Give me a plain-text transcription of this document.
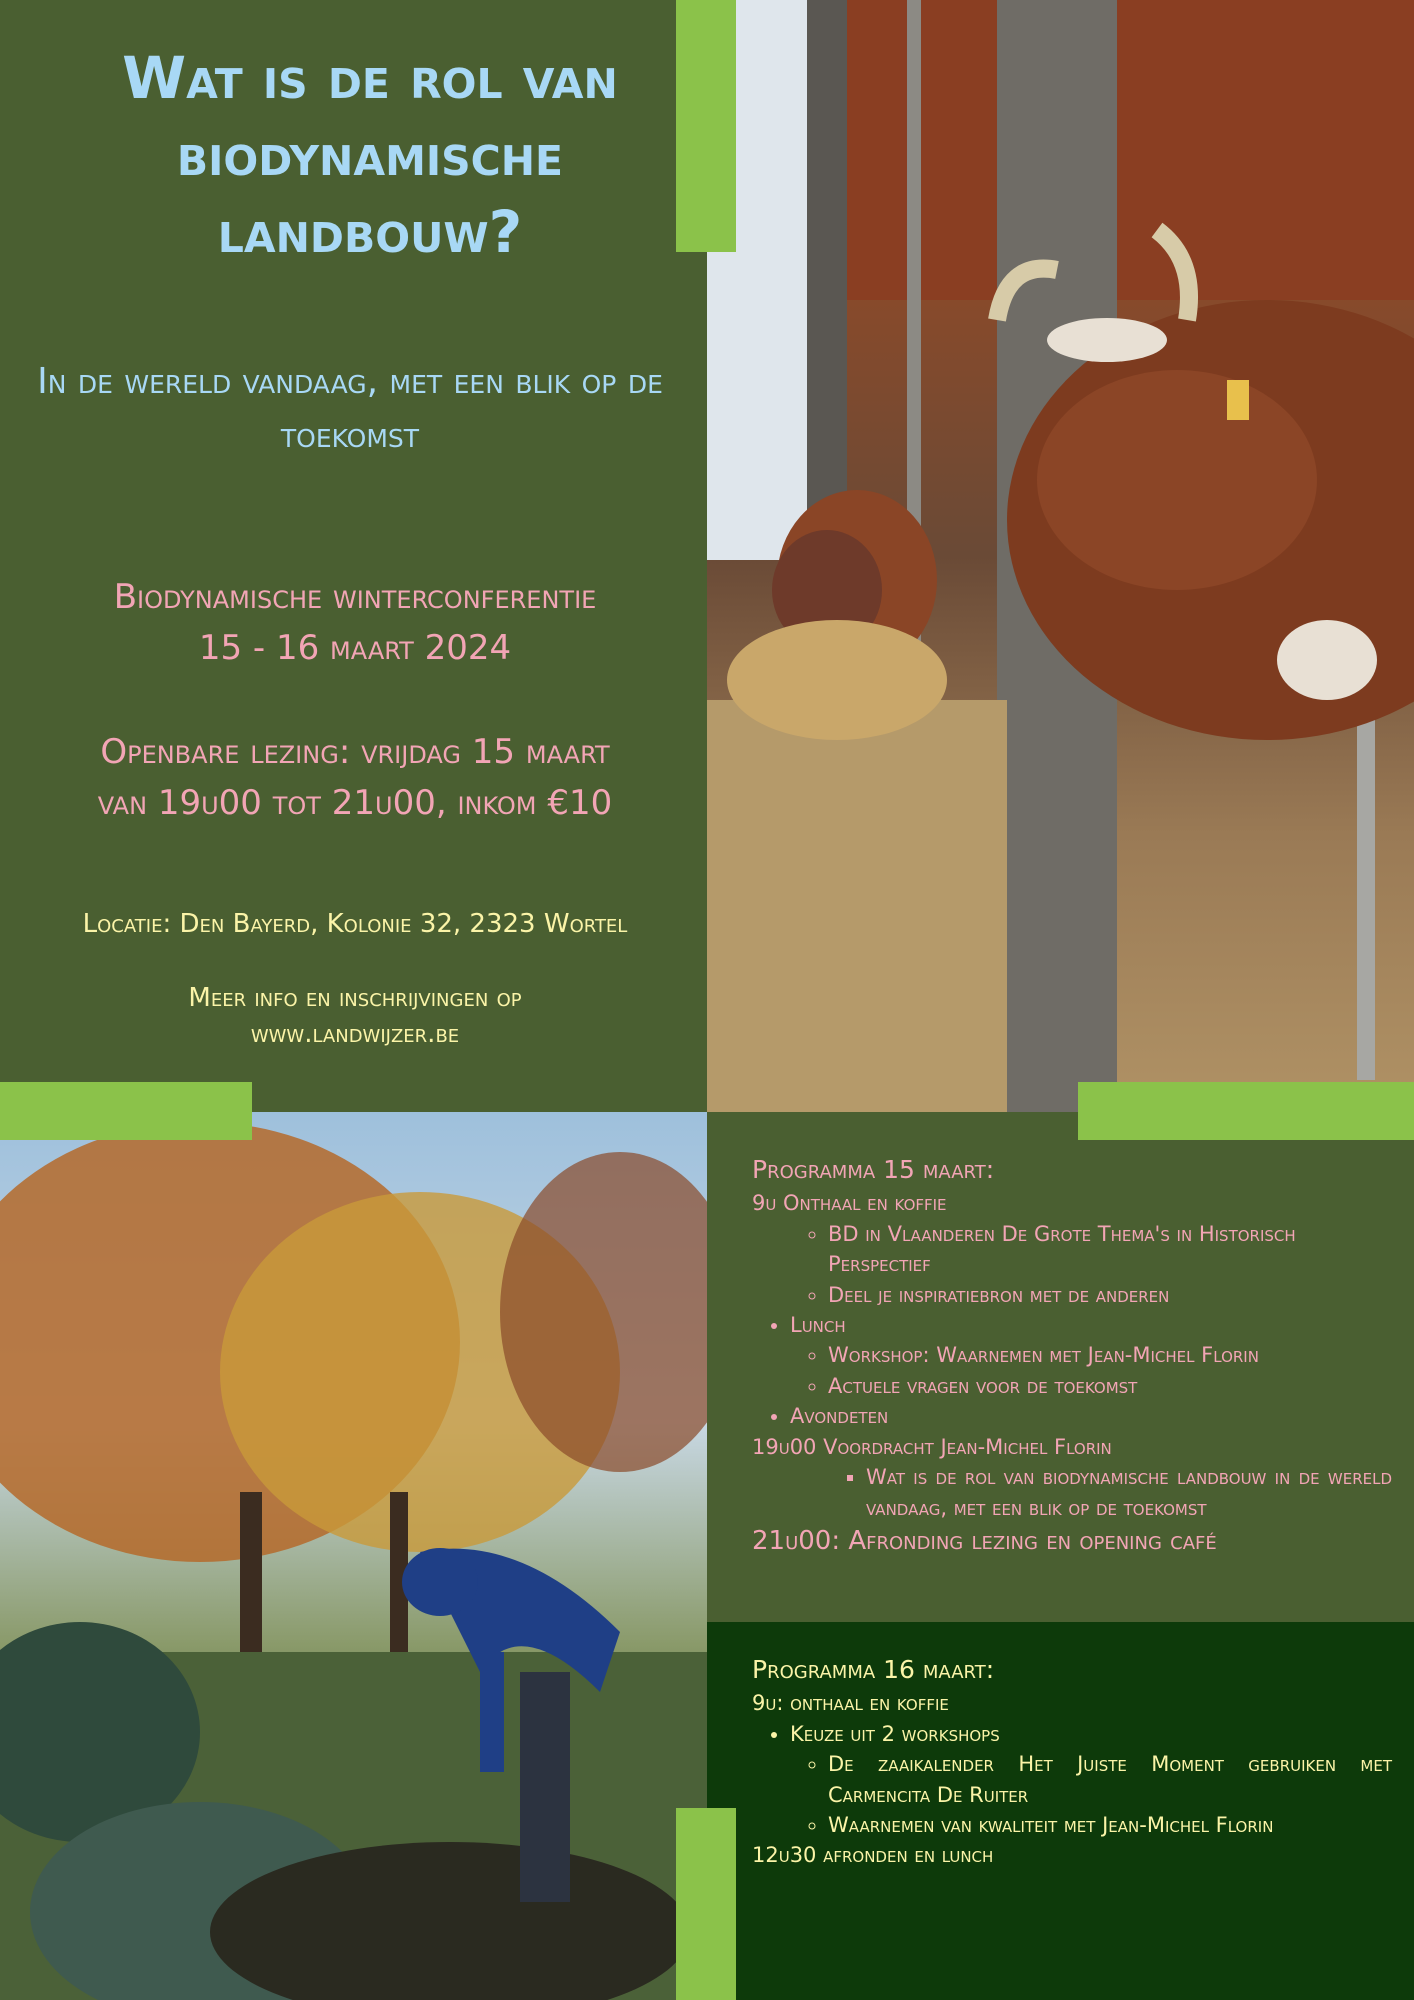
Wat is de rol van biodynamische landbouw?
In de wereld vandaag, met een blik op de toekomst
Biodynamische winterconferentie
15 - 16 maart 2024
Openbare lezing: vrijdag 15 maart
van 19u00 tot 21u00, inkom €10
Locatie: Den Bayerd, Kolonie 32, 2323 Wortel
Meer info en inschrijvingen op
www.landwijzer.be
Programma 15 maart:
9u Onthaal en koffie
◦ BD in Vlaanderen De Grote Thema's in Historisch Perspectief
◦ Deel je inspiratiebron met de anderen
• Lunch
◦ Workshop: Waarnemen met Jean-Michel Florin
◦ Actuele vragen voor de toekomst
• Avondeten
19u00 Voordracht Jean-Michel Florin
▪ Wat is de rol van biodynamische landbouw in de wereld vandaag, met een blik op de toekomst
21u00: Afronding lezing en opening café
Programma 16 maart:
9u: onthaal en koffie
• Keuze uit 2 workshops
◦ De zaaikalender Het Juiste Moment gebruiken met Carmencita De Ruiter
◦ Waarnemen van kwaliteit met Jean-Michel Florin
12u30 afronden en lunch
